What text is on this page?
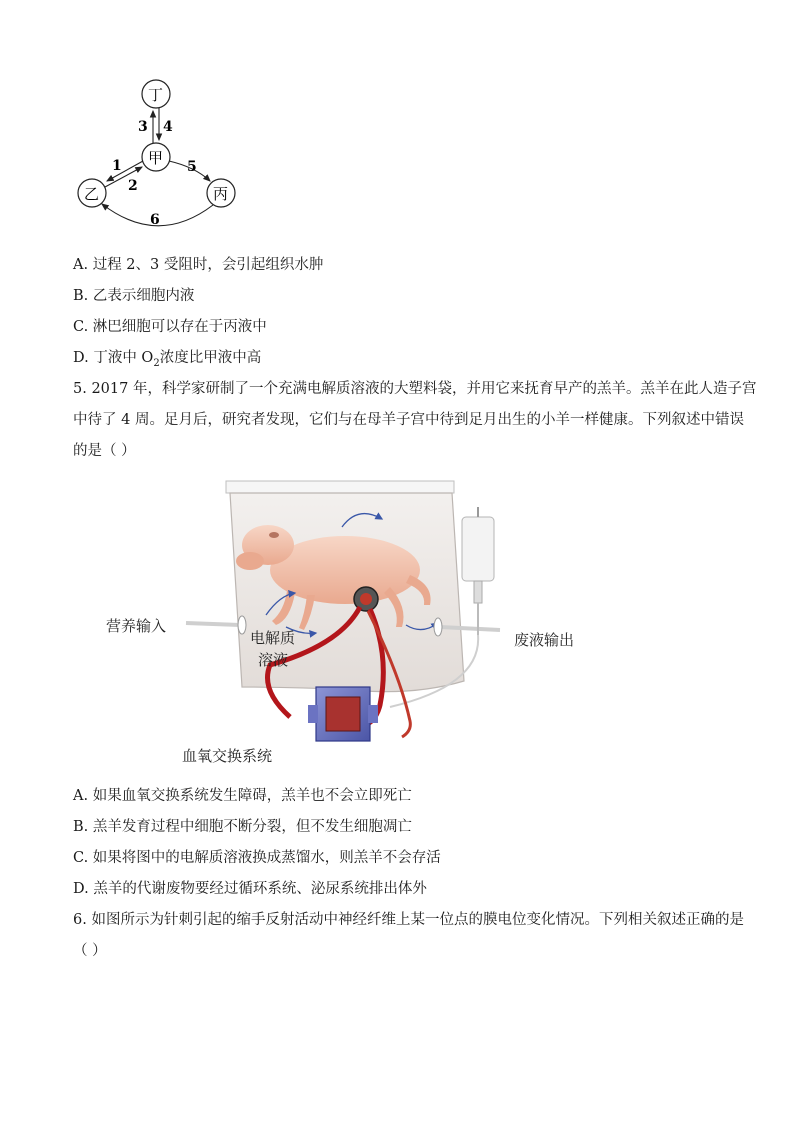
丁
甲
乙	丙
3 4
1
2
5
6
A. 过程 2、3 受阻时，会引起组织水肿
B. 乙表示细胞内液
C. 淋巴细胞可以存在于丙液中
D. 丁液中 $O_2$浓度比甲液中高
5. 2017 年，科学家研制了一个充满电解质溶液的大塑料袋，并用它来抚育早产的羔羊。羔羊在此人造子宫
中待了 4 周。足月后，研究者发现，它们与在母羊子宫中待到足月出生的小羊一样健康。下列叙述中错误
的是（ ）
营养输入
电解质
溶液
废液输出
血氧交换系统
A. 如果血氧交换系统发生障碍，羔羊也不会立即死亡
B. 羔羊发育过程中细胞不断分裂，但不发生细胞凋亡
C. 如果将图中的电解质溶液换成蒸馏水，则羔羊不会存活
D. 羔羊的代谢废物要经过循环系统、泌尿系统排出体外
6. 如图所示为针刺引起的缩手反射活动中神经纤维上某一位点的膜电位变化情况。下列相关叙述正确的是
（ ）
